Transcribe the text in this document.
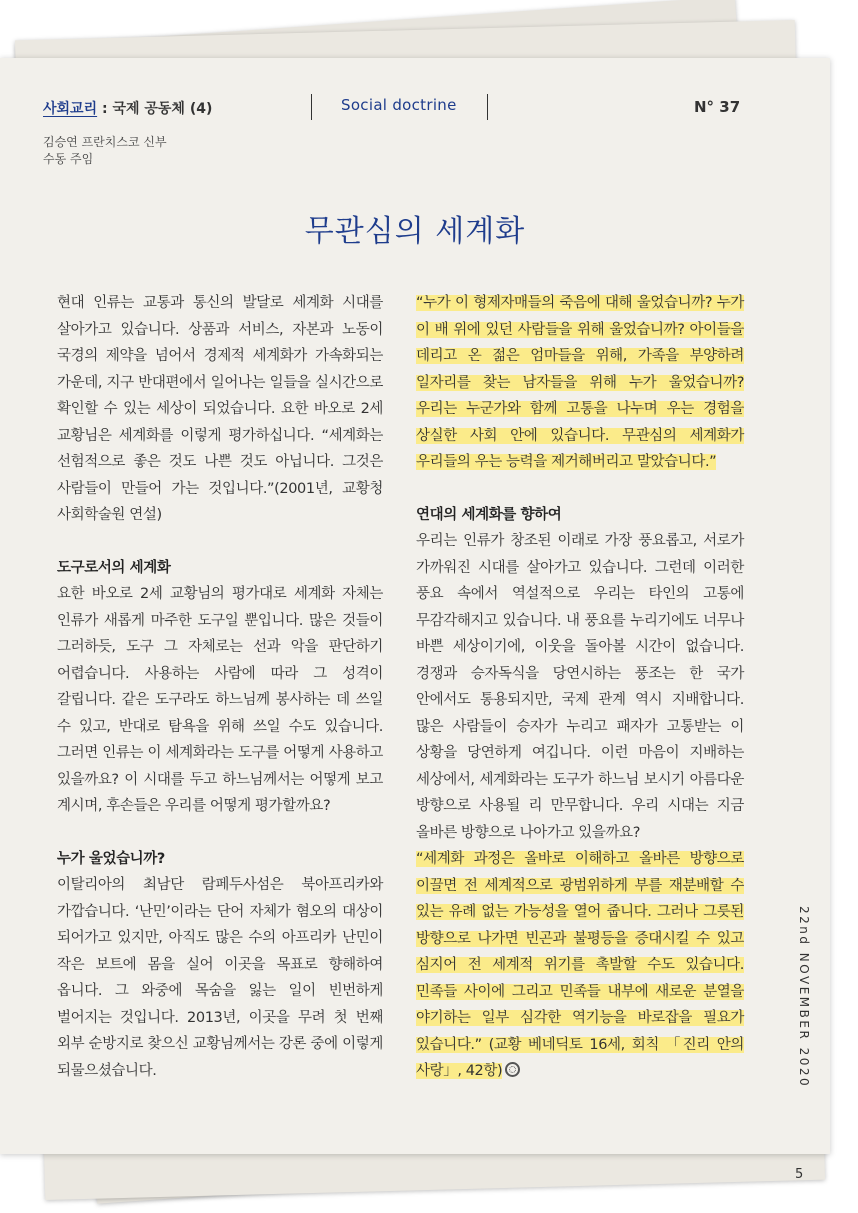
사회교리 : 국제 공동체 (4)	Social doctrine	N° 37
김승연 프란치스코 신부
수동 주임
무관심의 세계화

현대 인류는 교통과 통신의 발달로 세계화 시대를 살아가고 있습니다. 상품과 서비스, 자본과 노동이 국경의 제약을 넘어서 경제적 세계화가 가속화되는 가운데, 지구 반대편에서 일어나는 일들을 실시간으로 확인할 수 있는 세상이 되었습니다. 요한 바오로 2세 교황님은 세계화를 이렇게 평가하십니다. “세계화는 선험적으로 좋은 것도 나쁜 것도 아닙니다. 그것은 사람들이 만들어 가는 것입니다.”(2001년, 교황청 사회학술원 연설)

도구로서의 세계화

요한 바오로 2세 교황님의 평가대로 세계화 자체는 인류가 새롭게 마주한 도구일 뿐입니다. 많은 것들이 그러하듯, 도구 그 자체로는 선과 악을 판단하기 어렵습니다. 사용하는 사람에 따라 그 성격이 갈립니다. 같은 도구라도 하느님께 봉사하는 데 쓰일 수 있고, 반대로 탐욕을 위해 쓰일 수도 있습니다. 그러면 인류는 이 세계화라는 도구를 어떻게 사용하고 있을까요? 이 시대를 두고 하느님께서는 어떻게 보고 계시며, 후손들은 우리를 어떻게 평가할까요?

누가 울었습니까?

이탈리아의 최남단 람페두사섬은 북아프리카와 가깝습니다. ‘난민’이라는 단어 자체가 혐오의 대상이 되어가고 있지만, 아직도 많은 수의 아프리카 난민이 작은 보트에 몸을 실어 이곳을 목표로 향해하여 옵니다. 그 와중에 목숨을 잃는 일이 빈번하게 벌어지는 것입니다. 2013년, 이곳을 무려 첫 번째 외부 순방지로 찾으신 교황님께서는 강론 중에 이렇게 되물으셨습니다.

“누가 이 형제자매들의 죽음에 대해 울었습니까? 누가 이 배 위에 있던 사람들을 위해 울었습니까? 아이들을 데리고 온 젊은 엄마들을 위해, 가족을 부양하려 일자리를 찾는 남자들을 위해 누가 울었습니까? 우리는 누군가와 함께 고통을 나누며 우는 경험을 상실한 사회 안에 있습니다. 무관심의 세계화가 우리들의 우는 능력을 제거해버리고 말았습니다.”

연대의 세계화를 향하여

우리는 인류가 창조된 이래로 가장 풍요롭고, 서로가 가까워진 시대를 살아가고 있습니다. 그런데 이러한 풍요 속에서 역설적으로 우리는 타인의 고통에 무감각해지고 있습니다. 내 풍요를 누리기에도 너무나 바쁜 세상이기에, 이웃을 돌아볼 시간이 없습니다. 경쟁과 승자독식을 당연시하는 풍조는 한 국가 안에서도 통용되지만, 국제 관계 역시 지배합니다. 많은 사람들이 승자가 누리고 패자가 고통받는 이 상황을 당연하게 여깁니다. 이런 마음이 지배하는 세상에서, 세계화라는 도구가 하느님 보시기 아름다운 방향으로 사용될 리 만무합니다. 우리 시대는 지금 올바른 방향으로 나아가고 있을까요?

“세계화 과정은 올바로 이해하고 올바른 방향으로 이끌면 전 세계적으로 광범위하게 부를 재분배할 수 있는 유례 없는 가능성을 열어 줍니다. 그러나 그릇된 방향으로 나가면 빈곤과 불평등을 증대시킬 수 있고 심지어 전 세계적 위기를 촉발할 수도 있습니다. 민족들 사이에 그리고 민족들 내부에 새로운 분열을 야기하는 일부 심각한 역기능을 바로잡을 필요가 있습니다.” (교황 베네딕토 16세, 회칙 「진리 안의 사랑」, 42항)	22nd NOVEMBER 2020
5
